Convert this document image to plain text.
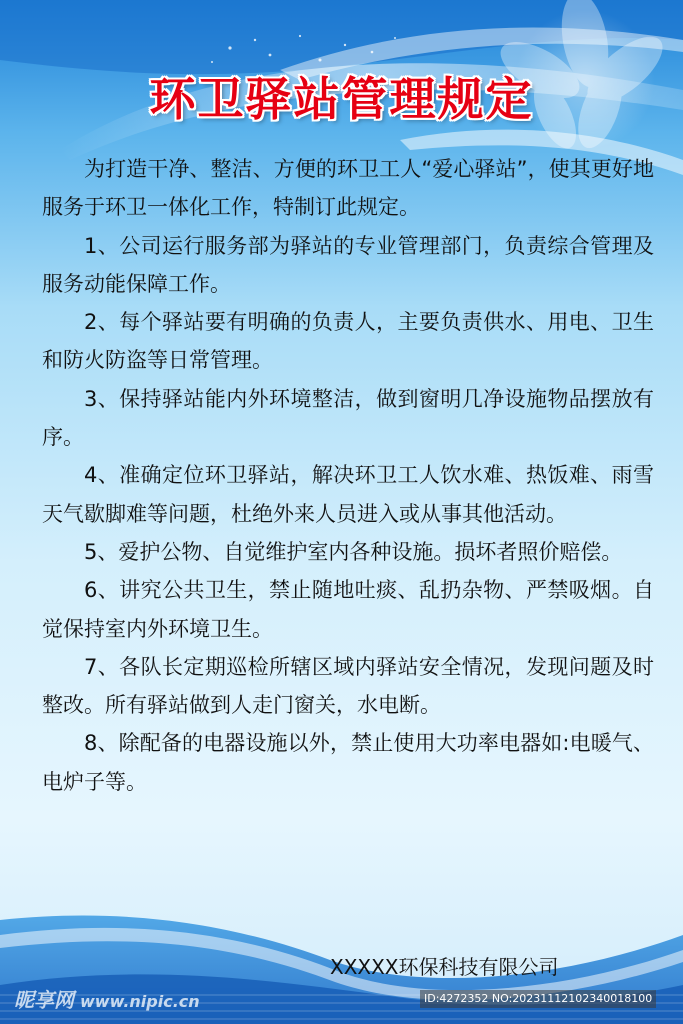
环卫驿站管理规定

为打造干净、整洁、方便的环卫工人“爱心驿站”，使其更好地服务于环卫一体化工作，特制订此规定。

1、公司运行服务部为驿站的专业管理部门，负责综合管理及服务动能保障工作。

2、每个驿站要有明确的负责人，主要负责供水、用电、卫生和防火防盗等日常管理。

3、保持驿站能内外环境整洁，做到窗明几净设施物品摆放有序。

4、准确定位环卫驿站，解决环卫工人饮水难、热饭难、雨雪天气歇脚难等问题，杜绝外来人员进入或从事其他活动。

5、爱护公物、自觉维护室内各种设施。损坏者照价赔偿。

6、讲究公共卫生，禁止随地吐痰、乱扔杂物、严禁吸烟。自觉保持室内外环境卫生。

7、各队长定期巡检所辖区域内驿站安全情况，发现问题及时整改。所有驿站做到人走门窗关，水电断。

8、除配备的电器设施以外，禁止使用大功率电器如:电暖气、电炉子等。

XXXXX环保科技有限公司
昵享网 www.nipic.cn	ID:4272352 NO:20231112102340018100
